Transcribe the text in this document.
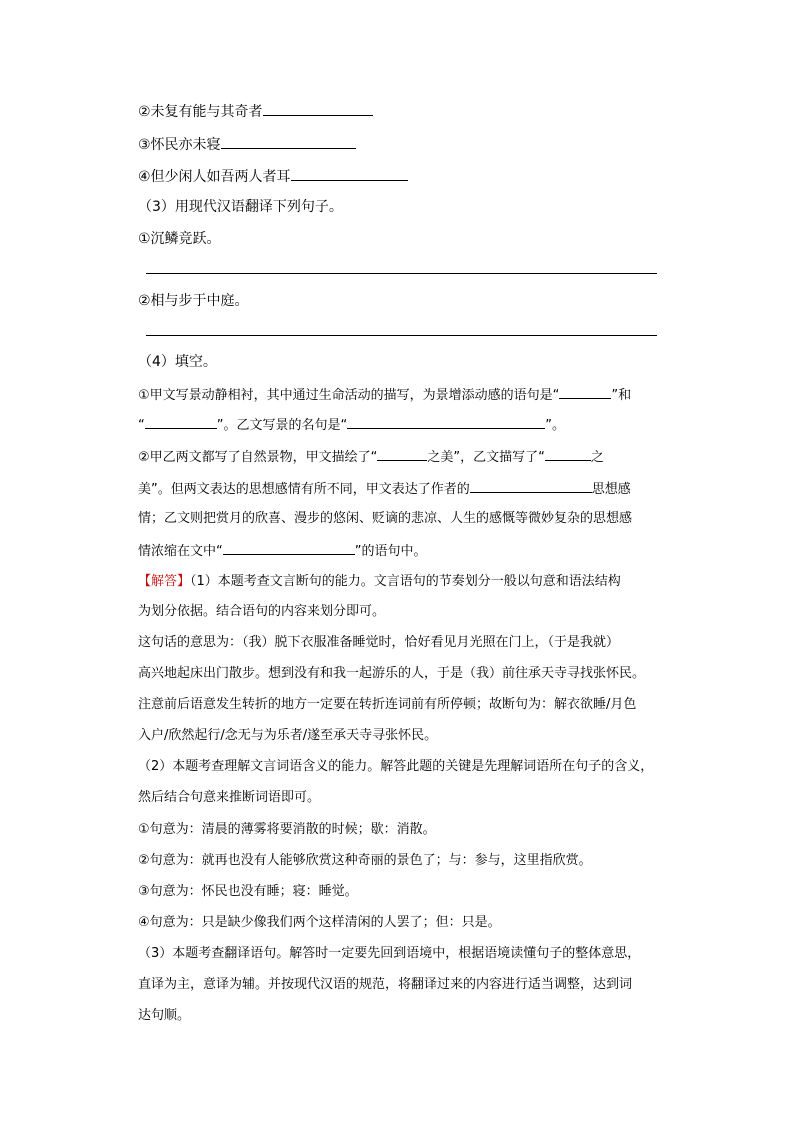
②未复有能与其奇者
③怀民亦未寝
④但少闲人如吾两人者耳
（3）用现代汉语翻译下列句子。
①沉鳞竞跃。
②相与步于中庭。
（4）填空。
①甲文写景动静相衬，其中通过生命活动的描写，为景增添动感的语句是“	”和
“	”。乙文写景的名句是“	”。
②甲乙两文都写了自然景物，甲文描绘了“	之美”，乙文描写了“	之
美”。但两文表达的思想感情有所不同，甲文表达了作者的	思想感
情；乙文则把赏月的欣喜、漫步的悠闲、贬谪的悲凉、人生的感慨等微妙复杂的思想感
情浓缩在文中“	”的语句中。
【解答】（1）本题考查文言断句的能力。文言语句的节奏划分一般以句意和语法结构
为划分依据。结合语句的内容来划分即可。
这句话的意思为：（我）脱下衣服准备睡觉时，恰好看见月光照在门上，（于是我就）
高兴地起床出门散步。想到没有和我一起游乐的人，于是（我）前往承天寺寻找张怀民。
注意前后语意发生转折的地方一定要在转折连词前有所停顿；故断句为：解衣欲睡/月色
入户/欣然起行/念无与为乐者/遂至承天寺寻张怀民。
（2）本题考查理解文言词语含义的能力。解答此题的关键是先理解词语所在句子的含义，
然后结合句意来推断词语即可。
①句意为：清晨的薄雾将要消散的时候；歇：消散。
②句意为：就再也没有人能够欣赏这种奇丽的景色了；与：参与，这里指欣赏。
③句意为：怀民也没有睡；寝：睡觉。
④句意为：只是缺少像我们两个这样清闲的人罢了；但：只是。
（3）本题考查翻译语句。解答时一定要先回到语境中，根据语境读懂句子的整体意思，
直译为主，意译为辅。并按现代汉语的规范，将翻译过来的内容进行适当调整，达到词
达句顺。
